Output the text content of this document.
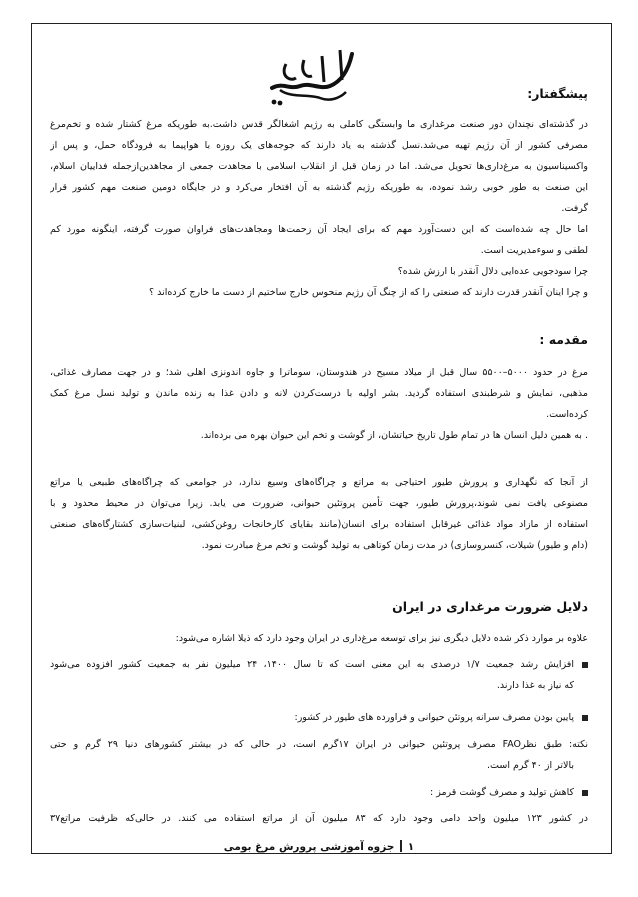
پیشگفتار:
در گذشته‌ای نچندان دور صنعت مرغداری ما وابستگی کاملی به رژیم اشغالگر قدس داشت.به طوریکه مرغ کشتار شده و تخم‌مرغ
مصرفی کشور از آن رژیم تهیه می‌شد.نسل گذشته به یاد دارند که جوجه‌های یک روزه با هواپیما به فرودگاه حمل، و پس از
واکسیناسیون به مرغ‌داری‌ها تحویل می‌شد. اما در زمان قبل از انقلاب اسلامی با مجاهدت جمعی از مجاهدین‌ازجمله فداییان اسلام،
این صنعت به طور خوبی رشد نموده، به طوریکه رژیم گذشته به آن افتخار می‌کرد و در جایگاه دومین صنعت مهم کشور قرار
گرفت.
اما حال چه شده‌است که این دست‌آورد مهم که برای ایجاد آن زحمت‌ها ومجاهدت‌های فراوان صورت گرفته، اینگونه مورد کم
لطفی و سوءمدیریت است.
چرا سودجویی عده‌ایی دلال آنقدر با ارزش شده؟
و چرا اینان آنقدر قدرت دارند که صنعتی را که از چنگ آن رژیم منحوس خارج ساختیم از دست ما خارج کرده‌اند ؟
مقدمه :
مرغ در حدود ۵۰۰۰–۵۵۰۰ سال قبل از میلاد مسیح در هندوستان، سوماترا و جاوه اندونزی اهلی شد؛ و در جهت مصارف غذائی،
مذهبی، نمایش و شرطبندی استفاده گردید. بشر اولیه با درست‌کردن لانه و دادن غذا به زنده ماندن و تولید نسل مرغ کمک
کرده‌است.
. به همین دلیل انسان ها در تمام طول تاریخ حیاتشان، از گوشت و تخم این حیوان بهره می برده‌اند.
از آنجا که نگهداری و پرورش طیور احتیاجی به مراتع و چراگاه‌های وسیع ندارد، در جوامعی که چراگاه‌های طبیعی یا مراتع
مصنوعی یافت نمی شوند،پرورش طیور، جهت تأمین پروتئین حیوانی، ضرورت می یابد. زیرا می‌توان در محیط محدود و با
استفاده از مازاد مواد غذائی غیرقابل استفاده برای انسان(مانند بقایای کارخانجات روغن‌کشی، لبنیات‌سازی کشتارگاه‌های صنعتی
(دام و طیور) شیلات، کنسروسازی) در مدت زمان کوتاهی به تولید گوشت و تخم مرغ مبادرت نمود.
دلایل ضرورت مرغداری در ایران
علاوه بر موارد ذکر شده دلایل دیگری نیز برای توسعه مرغ‌داری در ایران وجود دارد که ذیلا اشاره می‌شود:
افزایش رشد جمعیت ۱/۷ درصدی به این معنی است که تا سال ۱۴۰۰، ۲۴ میلیون نفر به جمعیت کشور افزوده می‌شود
که نیاز به غذا دارند.
پایین بودن مصرف سرانه پروتئن حیوانی و فراورده های طیور در کشور:
نکته: طبق نظرFAO مصرف پروتئین حیوانی در ایران ۱۷گرم است، در حالی که در بیشتر کشورهای دنیا ۲۹ گرم و حتی
بالاتر از ۴۰ گرم است.
کاهش تولید و مصرف گوشت قرمز :
در کشور ۱۲۳ میلیون واحد دامی وجود دارد که ۸۳ میلیون آن از مراتع استفاده می کنند. در حالی‌که ظرفیت مراتع۳۷
۱جزوه آموزشی پرورش مرغ بومی
